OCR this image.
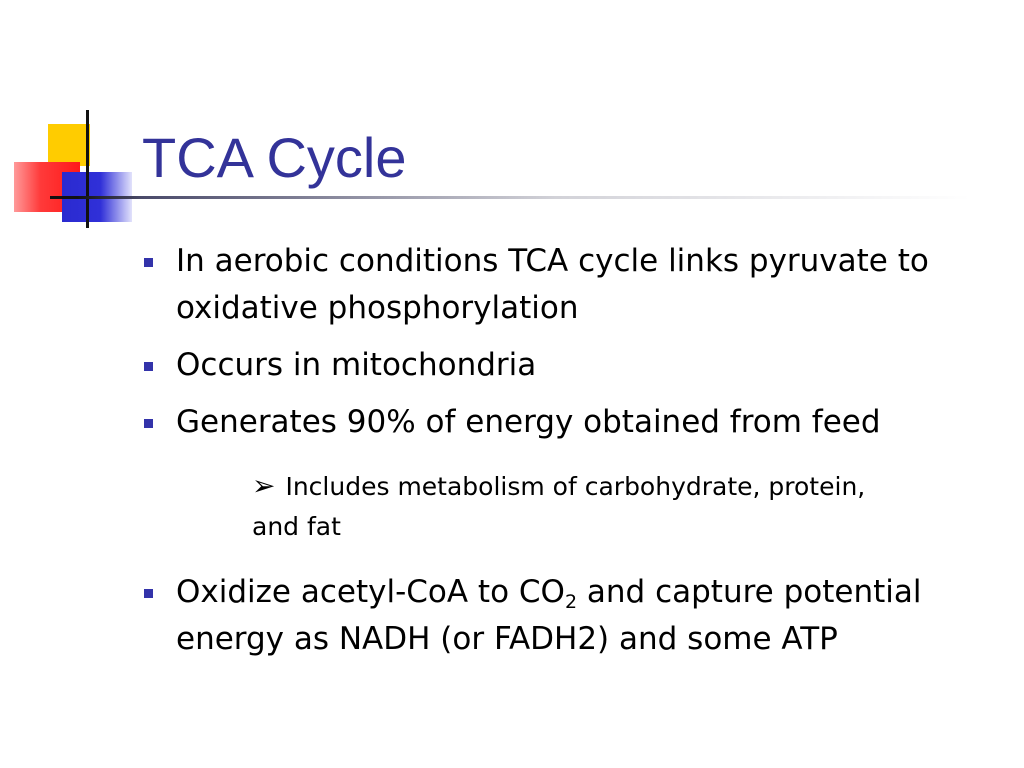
TCA Cycle
In aerobic conditions TCA cycle links pyruvate to oxidative phosphorylation
Occurs in mitochondria
Generates 90% of energy obtained from feed
➢ Includes metabolism of carbohydrate, protein, and fat
Oxidize acetyl-CoA to $CO_2$ and capture potential energy as NADH (or FADH2) and some ATP
